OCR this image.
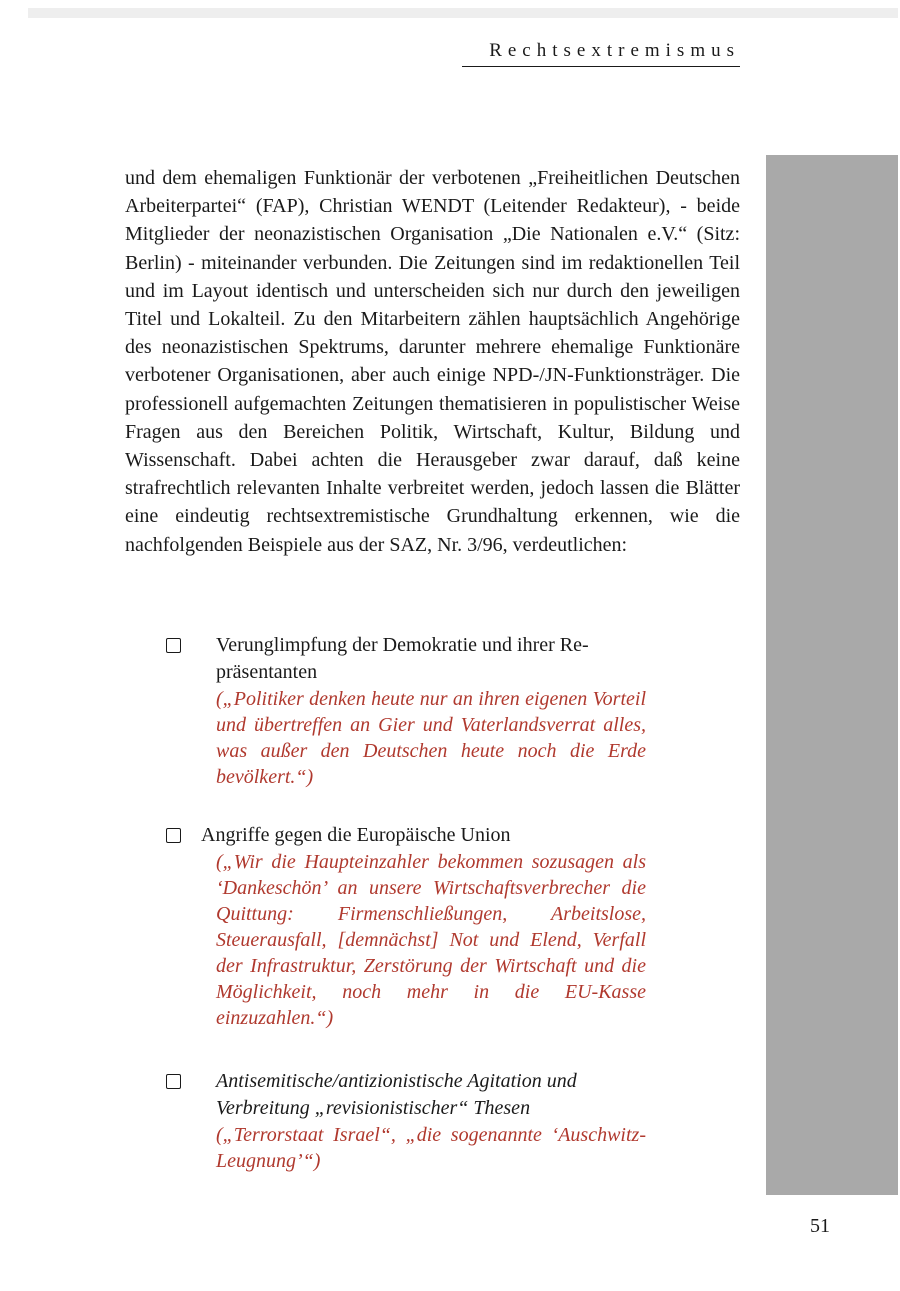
Rechtsextremismus
und dem ehemaligen Funktionär der verbotenen „Freiheitlichen Deutschen Arbeiterpartei“ (FAP), Christian WENDT (Leitender Redakteur), - beide Mitglieder der neonazistischen Organisation „Die Nationalen e.V.“ (Sitz: Berlin) - miteinander verbunden. Die Zeitungen sind im redaktionellen Teil und im Layout identisch und unterscheiden sich nur durch den jeweiligen Titel und Lokalteil. Zu den Mitarbeitern zählen hauptsächlich Angehörige des neonazistischen Spektrums, darunter mehrere ehemalige Funktionäre verbotener Organisationen, aber auch einige NPD-/JN-Funktionsträger. Die professionell aufgemachten Zeitungen thematisieren in populistischer Weise Fragen aus den Bereichen Politik, Wirtschaft, Kultur, Bildung und Wissenschaft. Dabei achten die Herausgeber zwar darauf, daß keine strafrechtlich relevanten Inhalte verbreitet werden, jedoch lassen die Blätter eine eindeutig rechtsextremistische Grundhaltung erkennen, wie die nachfolgenden Beispiele aus der SAZ, Nr. 3/96, verdeutlichen:
Verunglimpfung der Demokratie und ihrer Repräsentanten
(„Politiker denken heute nur an ihren eigenen Vorteil und übertreffen an Gier und Vaterlandsverrat alles, was außer den Deutschen heute noch die Erde bevölkert.“)
Angriffe gegen die Europäische Union
(„Wir die Haupteinzahler bekommen sozusagen als ‘Dankeschön’ an unsere Wirtschaftsverbrecher die Quittung: Firmenschließungen, Arbeitslose, Steuerausfall, [demnächst] Not und Elend, Verfall der Infrastruktur, Zerstörung der Wirtschaft und die Möglichkeit, noch mehr in die EU-Kasse einzuzahlen.“)
Antisemitische/antizionistische Agitation und Verbreitung „revisionistischer“ Thesen
(„Terrorstaat Israel“, „die sogenannte ‘Auschwitz-Leugnung’“)
51
